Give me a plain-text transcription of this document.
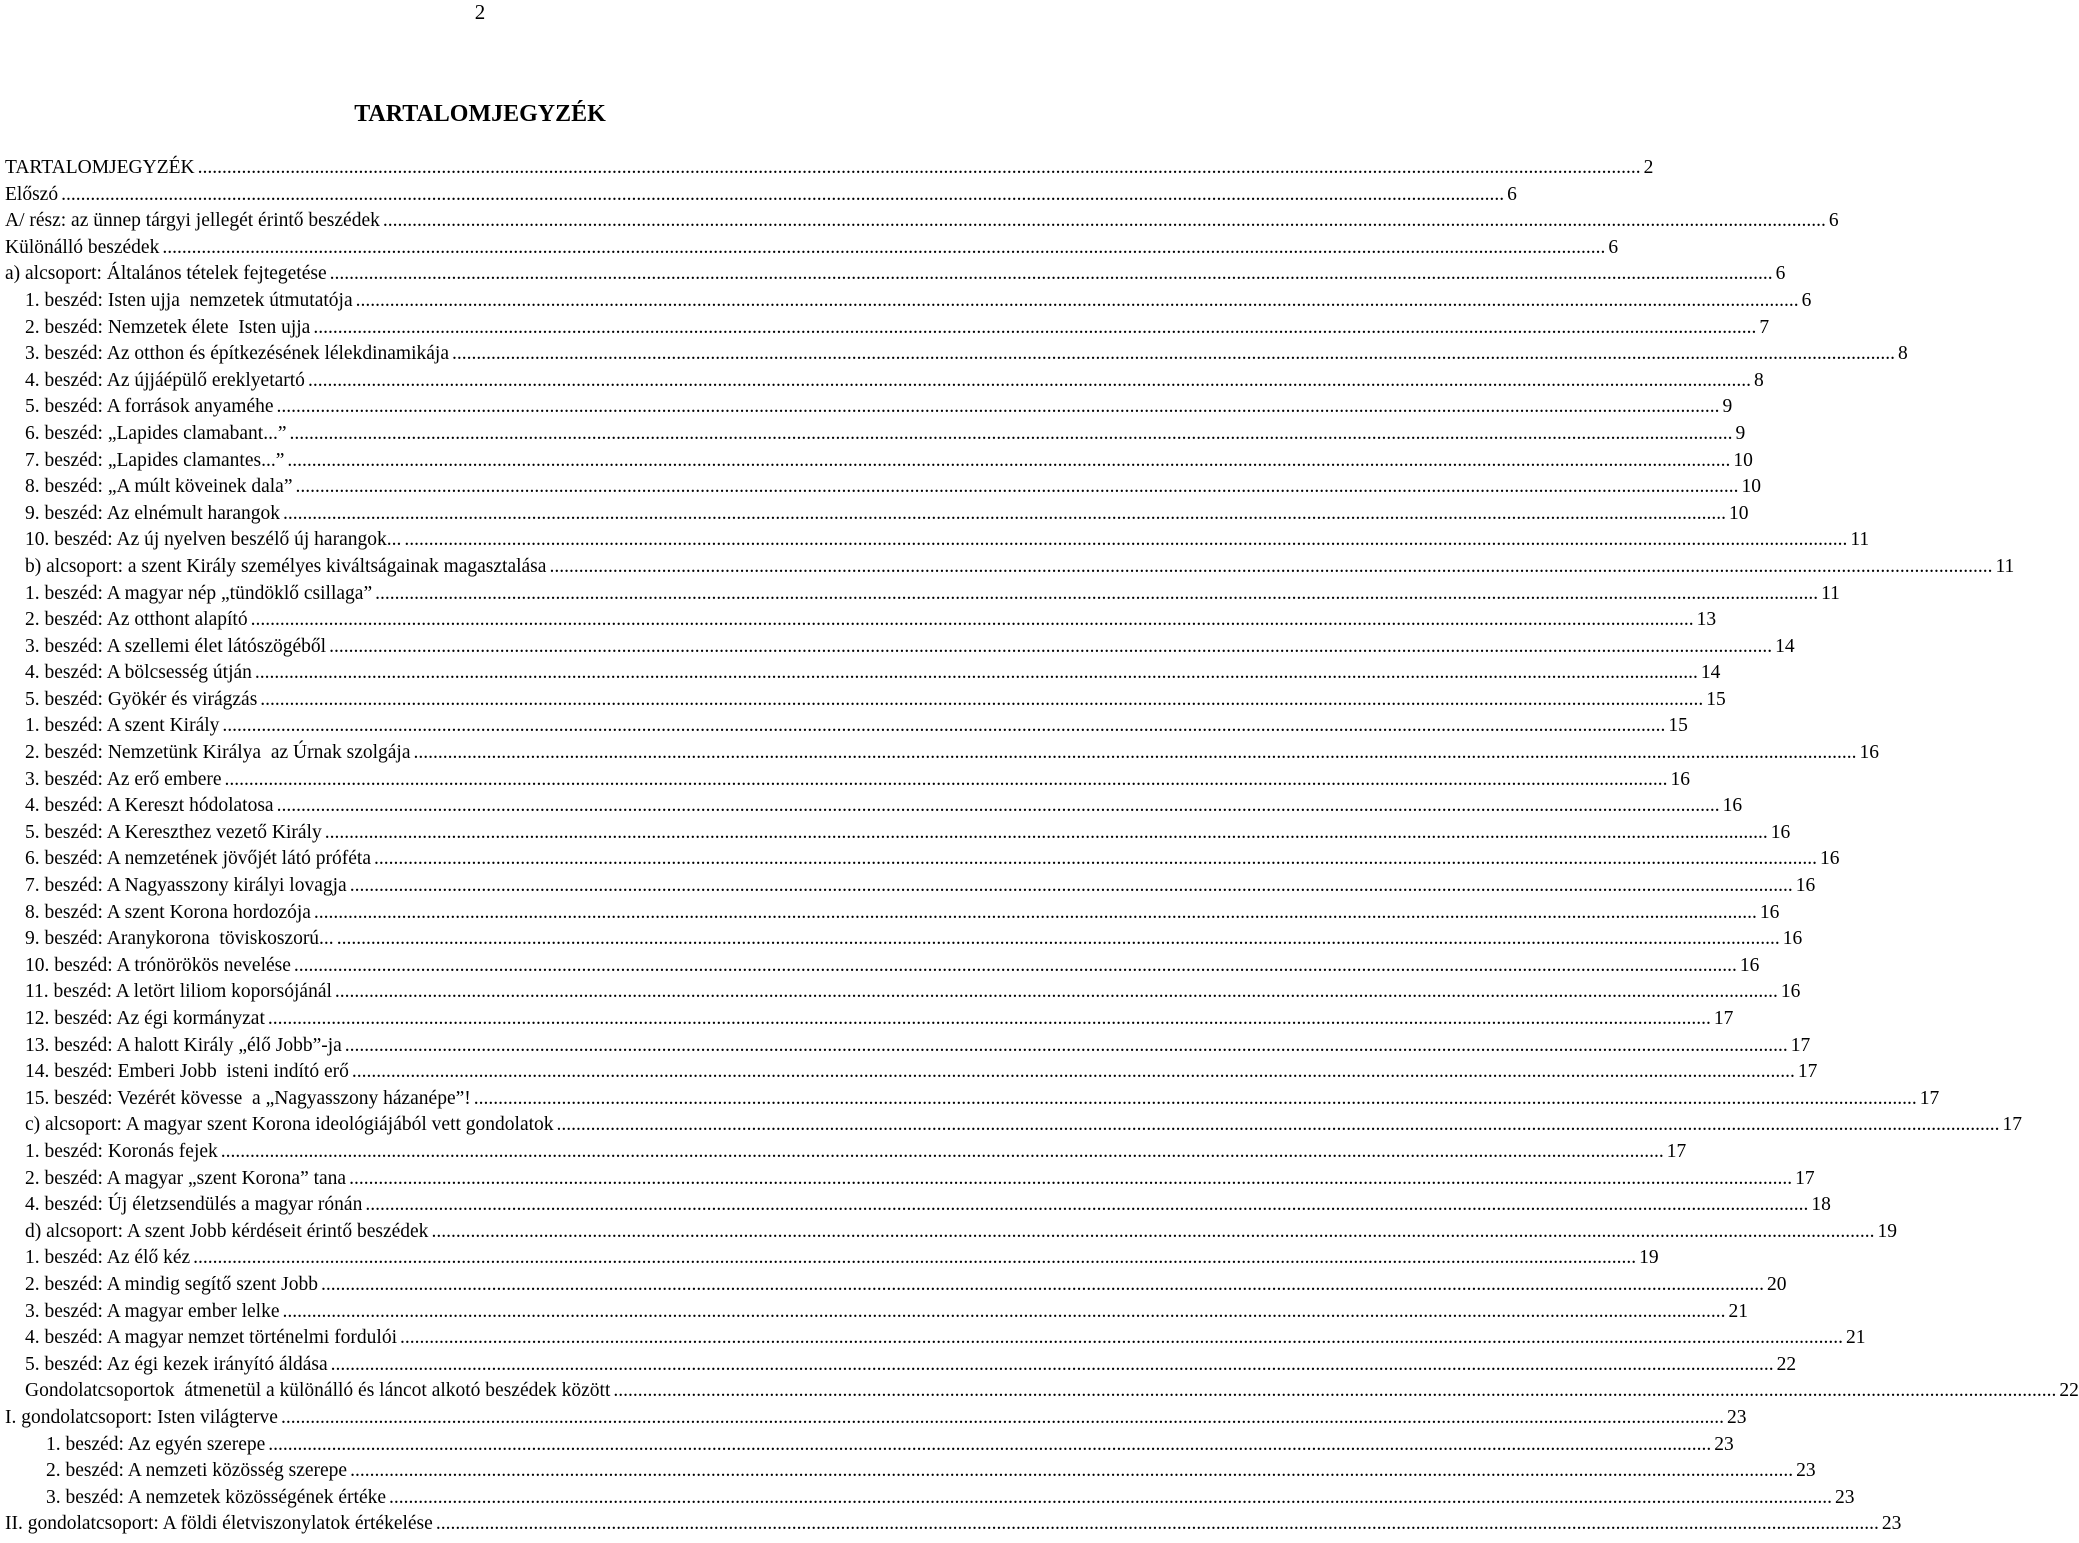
2
TARTALOMJEGYZÉK
TARTALOMJEGYZÉK .....	2
Előszó .....	6
A/ rész: az ünnep tárgyi jellegét érintő beszédek .....	6
Különálló beszédek .....	6
a) alcsoport: Általános tételek fejtegetése .....	6
1. beszéd: Isten ujja  nemzetek útmutatója .....	6
2. beszéd: Nemzetek élete  Isten ujja .....	7
3. beszéd: Az otthon és építkezésének lélekdinamikája .....	8
4. beszéd: Az újjáépülő ereklyetartó .....	8
5. beszéd: A források anyaméhe .....	9
6. beszéd: „Lapides clamabant...” .....	9
7. beszéd: „Lapides clamantes...” .....	10
8. beszéd: „A múlt köveinek dala” .....	10
9. beszéd: Az elnémult harangok .....	10
10. beszéd: Az új nyelven beszélő új harangok... .....	11
b) alcsoport: a szent Király személyes kiváltságainak magasztalása .....	11
1. beszéd: A magyar nép „tündöklő csillaga” .....	11
2. beszéd: Az otthont alapító .....	13
3. beszéd: A szellemi élet látószögéből .....	14
4. beszéd: A bölcsesség útján .....	14
5. beszéd: Gyökér és virágzás .....	15
1. beszéd: A szent Király .....	15
2. beszéd: Nemzetünk Királya  az Úrnak szolgája .....	16
3. beszéd: Az erő embere .....	16
4. beszéd: A Kereszt hódolatosa .....	16
5. beszéd: A Kereszthez vezető Király .....	16
6. beszéd: A nemzetének jövőjét látó próféta .....	16
7. beszéd: A Nagyasszony királyi lovagja .....	16
8. beszéd: A szent Korona hordozója .....	16
9. beszéd: Aranykorona  töviskoszorú... .....	16
10. beszéd: A trónörökös nevelése .....	16
11. beszéd: A letört liliom koporsójánál .....	16
12. beszéd: Az égi kormányzat .....	17
13. beszéd: A halott Király „élő Jobb”-ja .....	17
14. beszéd: Emberi Jobb  isteni indító erő .....	17
15. beszéd: Vezérét kövesse  a „Nagyasszony házanépe”! .....	17
c) alcsoport: A magyar szent Korona ideológiájából vett gondolatok .....	17
1. beszéd: Koronás fejek .....	17
2. beszéd: A magyar „szent Korona” tana .....	17
4. beszéd: Új életzsendülés a magyar rónán .....	18
d) alcsoport: A szent Jobb kérdéseit érintő beszédek .....	19
1. beszéd: Az élő kéz .....	19
2. beszéd: A mindig segítő szent Jobb .....	20
3. beszéd: A magyar ember lelke .....	21
4. beszéd: A magyar nemzet történelmi fordulói .....	21
5. beszéd: Az égi kezek irányító áldása .....	22
Gondolatcsoportok  átmenetül a különálló és láncot alkotó beszédek között .....	22
I. gondolatcsoport: Isten világterve .....	23
1. beszéd: Az egyén szerepe .....	23
2. beszéd: A nemzeti közösség szerepe .....	23
3. beszéd: A nemzetek közösségének értéke .....	23
II. gondolatcsoport: A földi életviszonylatok értékelése .....	23
